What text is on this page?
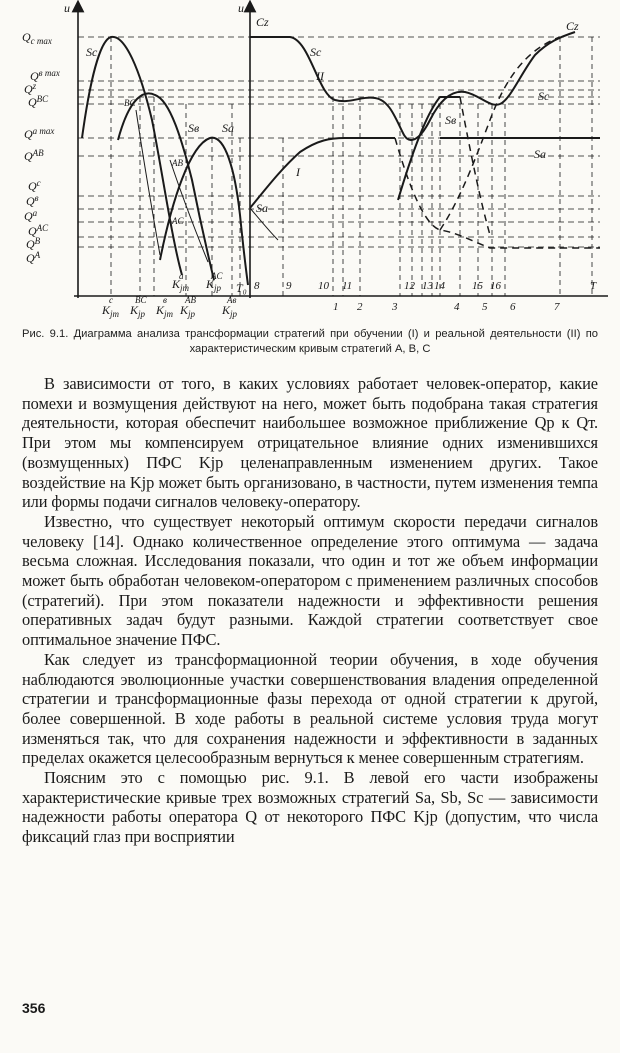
u	u
$Q_{c max}$
$Q^{в max}$
$Q^z$
$Q^{BC}$
$Q^{a max}$
$Q^{AB}$
$Q^c$
$Q^в$
$Q^a$
$Q^{AC}$
$Q^B$
$Q^A$
Sc
BC
Sв Sa
AB
AC
Cz
Sc
II
I
Sa
Sв
Sc
Sa
Cz
$K_{jт}c$
$K_{jр}BC$
$K_{jт}в$
$K_{jр}AB$
$K_{jт}a$
$K_{jр}AC$
$K_{jр}Aв$
T₀ 8 9 10 11
1 2	3
12 13 14
4
15
5
16
6	7
T
Рис. 9.1. Диаграмма анализа трансформации стратегий при обучении (I) и реальной деятельности (II) по характеристическим кривым стратегий A, B, C

В зависимости от того, в каких условиях работает человек-оператор, какие помехи и возмущения действуют на него, может быть подобрана такая стратегия деятельности, которая обеспечит наибольшее возможное приближение Qр к Qт. При этом мы компенсируем отрицательное влияние одних изменившихся (возмущенных) ПФС Kjр целенаправленным изменением других. Такое воздействие на Kjр может быть организовано, в частности, путем изменения темпа или формы подачи сигналов человеку-оператору.

Известно, что существует некоторый оптимум скорости передачи сигналов человеку [14]. Однако количественное определение этого оптимума — задача весьма сложная. Исследования показали, что один и тот же объем информации может быть обработан человеком-оператором с применением различных способов (стратегий). При этом показатели надежности и эффективности решения оперативных задач будут разными. Каждой стратегии соответствует свое оптимальное значение ПФС.

Как следует из трансформационной теории обучения, в ходе обучения наблюдаются эволюционные участки совершенствования владения определенной стратегии и трансформационные фазы перехода от одной стратегии к другой, более совершенной. В ходе работы в реальной системе условия труда могут изменяться так, что для сохранения надежности и эффективности в заданных пределах окажется целесообразным вернуться к менее совершенным стратегиям.

Поясним это с помощью рис. 9.1. В левой его части изображены характеристические кривые трех возможных стратегий Sa, Sb, Sc — зависимости надежности работы оператора Q от некоторого ПФС Kjр (допустим, что числа фиксаций глаз при восприятии

356
